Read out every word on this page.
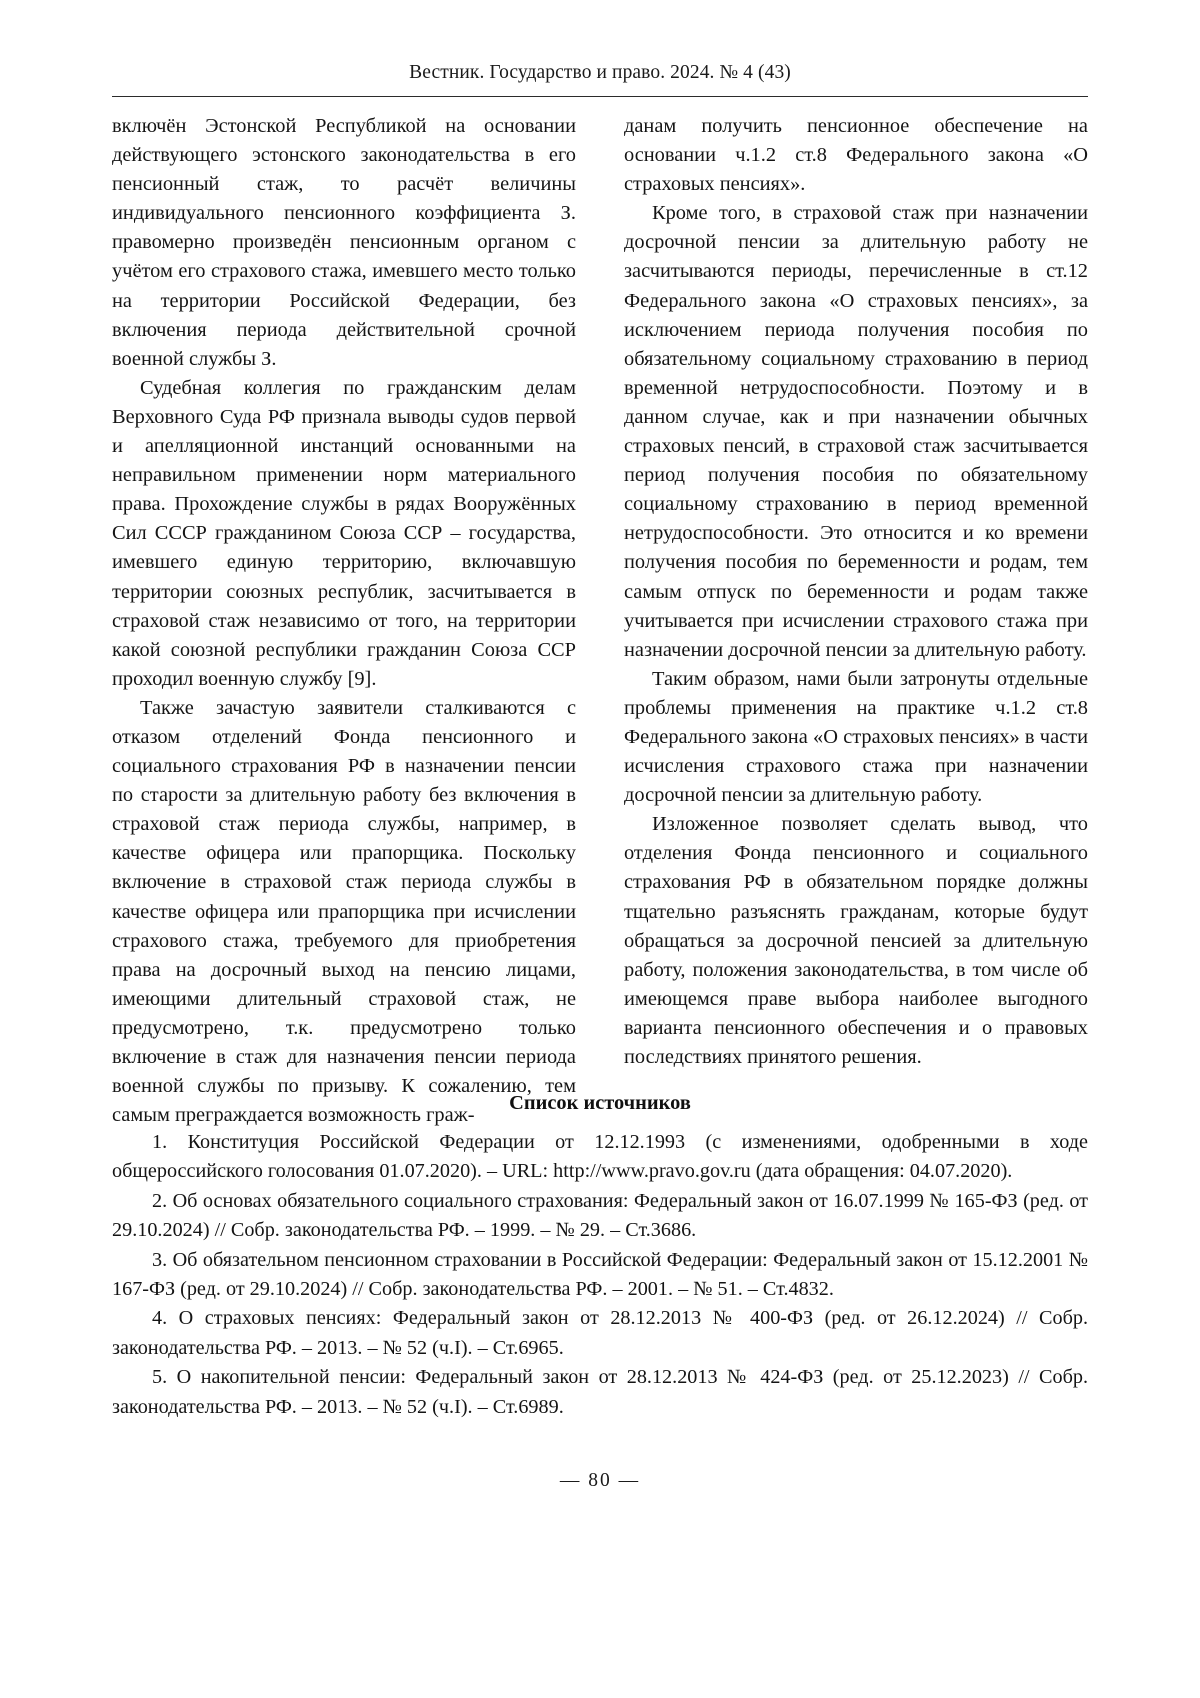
Вестник. Государство и право. 2024. № 4 (43)

включён Эстонской Республикой на основании действующего эстонского законодательства в его пенсионный стаж, то расчёт величины индивидуального пенсионного коэффициента З. правомерно произведён пенсионным органом с учётом его страхового стажа, имевшего место только на территории Российской Федерации, без включения периода действительной срочной военной службы З.

Судебная коллегия по гражданским делам Верховного Суда РФ признала выводы судов первой и апелляционной инстанций основанными на неправильном применении норм материального права. Прохождение службы в рядах Вооружённых Сил СССР гражданином Союза ССР – государства, имевшего единую территорию, включавшую территории союзных республик, засчитывается в страховой стаж независимо от того, на территории какой союзной республики гражданин Союза ССР проходил военную службу [9].

Также зачастую заявители сталкиваются с отказом отделений Фонда пенсионного и социального страхования РФ в назначении пенсии по старости за длительную работу без включения в страховой стаж периода службы, например, в качестве офицера или прапорщика. Поскольку включение в страховой стаж периода службы в качестве офицера или прапорщика при исчислении страхового стажа, требуемого для приобретения права на досрочный выход на пенсию лицами, имеющими длительный страховой стаж, не предусмотрено, т.к. предусмотрено только включение в стаж для назначения пенсии периода военной службы по призыву. К сожалению, тем самым преграждается возможность граж-

данам получить пенсионное обеспечение на основании ч.1.2 ст.8 Федерального закона «О страховых пенсиях».

Кроме того, в страховой стаж при назначении досрочной пенсии за длительную работу не засчитываются периоды, перечисленные в ст.12 Федерального закона «О страховых пенсиях», за исключением периода получения пособия по обязательному социальному страхованию в период временной нетрудоспособности. Поэтому и в данном случае, как и при назначении обычных страховых пенсий, в страховой стаж засчитывается период получения пособия по обязательному социальному страхованию в период временной нетрудоспособности. Это относится и ко времени получения пособия по беременности и родам, тем самым отпуск по беременности и родам также учитывается при исчислении страхового стажа при назначении досрочной пенсии за длительную работу.

Таким образом, нами были затронуты отдельные проблемы применения на практике ч.1.2 ст.8 Федерального закона «О страховых пенсиях» в части исчисления страхового стажа при назначении досрочной пенсии за длительную работу.

Изложенное позволяет сделать вывод, что отделения Фонда пенсионного и социального страхования РФ в обязательном порядке должны тщательно разъяснять гражданам, которые будут обращаться за досрочной пенсией за длительную работу, положения законодательства, в том числе об имеющемся праве выбора наиболее выгодного варианта пенсионного обеспечения и о правовых последствиях принятого решения.

Список источников

1. Конституция Российской Федерации от 12.12.1993 (с изменениями, одобренными в ходе общероссийского голосования 01.07.2020). – URL: http://www.pravo.gov.ru (дата обращения: 04.07.2020).

2. Об основах обязательного социального страхования: Федеральный закон от 16.07.1999 № 165-ФЗ (ред. от 29.10.2024) // Собр. законодательства РФ. – 1999. – № 29. – Ст.3686.

3. Об обязательном пенсионном страховании в Российской Федерации: Федеральный закон от 15.12.2001 № 167-ФЗ (ред. от 29.10.2024) // Собр. законодательства РФ. – 2001. – № 51. – Ст.4832.

4. О страховых пенсиях: Федеральный закон от 28.12.2013 № 400-ФЗ (ред. от 26.12.2024) // Собр. законодательства РФ. – 2013. – № 52 (ч.I). – Ст.6965.

5. О накопительной пенсии: Федеральный закон от 28.12.2013 № 424-ФЗ (ред. от 25.12.2023) // Собр. законодательства РФ. – 2013. – № 52 (ч.I). – Ст.6989.

— 80 —
